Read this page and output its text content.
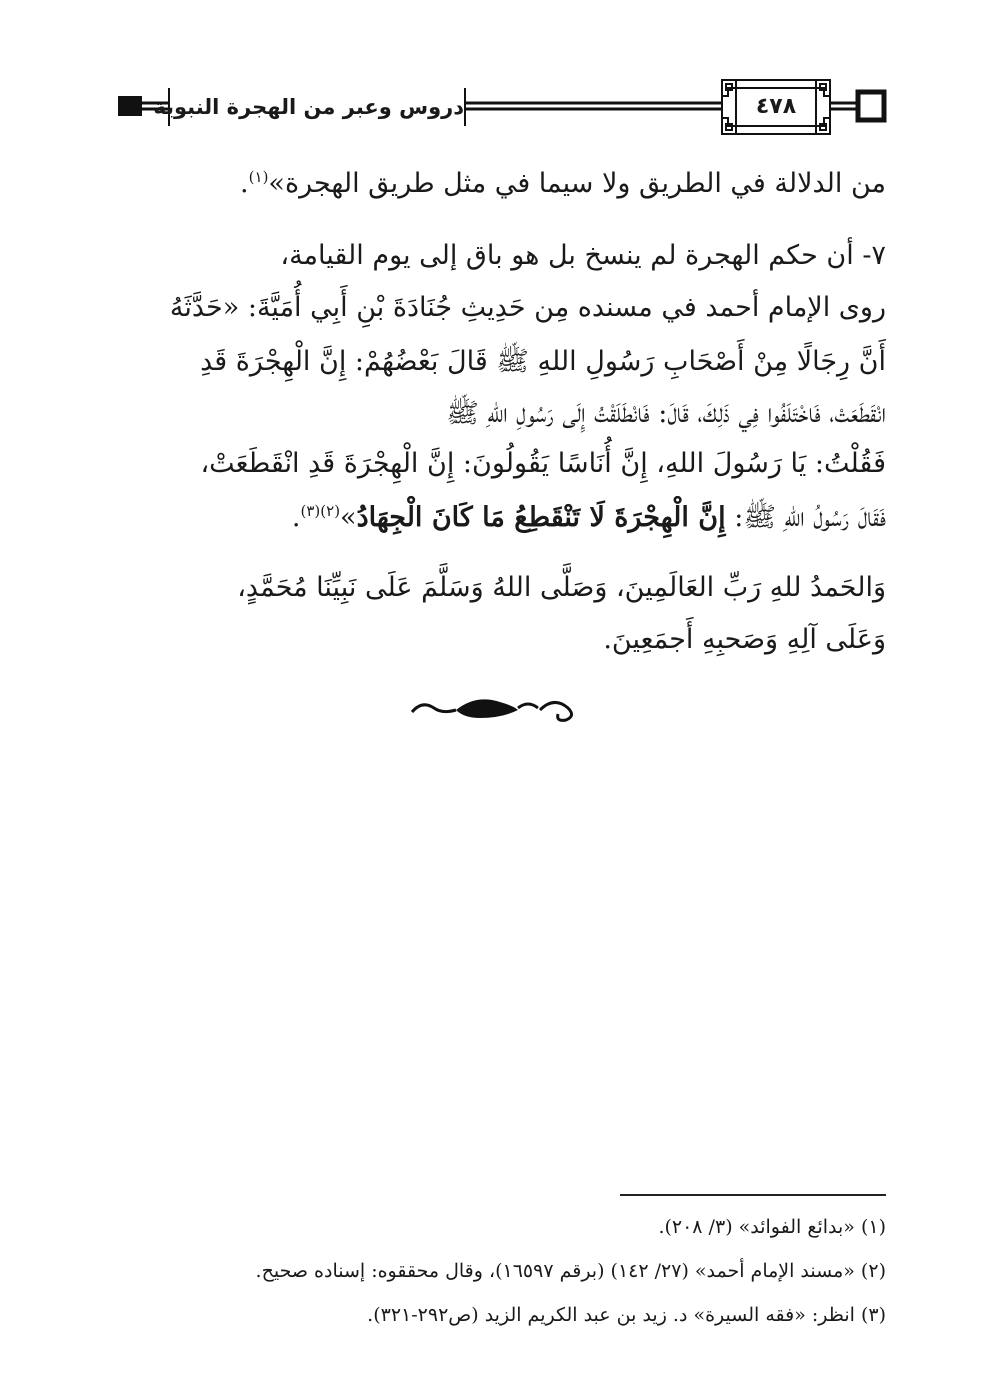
دروس وعبر من الهجرة النبوية	٤٧٨
من الدلالة في الطريق ولا سيما في مثل طريق الهجرة»$^{(١)}$.
٧- أن حكم الهجرة لم ينسخ بل هو باق إلى يوم القيامة،
روى الإمام أحمد في مسنده مِن حَدِيثِ جُنَادَةَ بْنِ أَبِي أُمَيَّةَ: «حَدَّثَهُ
أَنَّ رِجَالًا مِنْ أَصْحَابِ رَسُولِ اللهِ ﷺ قَالَ بَعْضُهُمْ: إِنَّ الْهِجْرَةَ قَدِ
انْقَطَعَتْ، فَاخْتَلَفُوا فِي ذَلِكَ، قَالَ: فَانْطَلَقْتُ إِلَى رَسُولِ اللهِ ﷺ
فَقُلْتُ: يَا رَسُولَ اللهِ، إِنَّ أُنَاسًا يَقُولُونَ: إِنَّ الْهِجْرَةَ قَدِ انْقَطَعَتْ،
فَقَالَ رَسُولُ اللهِ ﷺ: إِنَّ الْهِجْرَةَ لَا تَنْقَطِعُ مَا كَانَ الْجِهَادُ»$^{(٢)(٣)}$.
وَالحَمدُ للهِ رَبِّ العَالَمِينَ، وَصَلَّى اللهُ وَسَلَّمَ عَلَى نَبِيِّنَا مُحَمَّدٍ،
وَعَلَى آلِهِ وَصَحبِهِ أَجمَعِينَ.
(١) «بدائع الفوائد» (٣/ ٢٠٨).
(٢) «مسند الإمام أحمد» (٢٧/ ١٤٢) (برقم ١٦٥٩٧)، وقال محققوه: إسناده صحيح.
(٣) انظر: «فقه السيرة» د. زيد بن عبد الكريم الزيد (ص٢٩٢-٣٢١).
